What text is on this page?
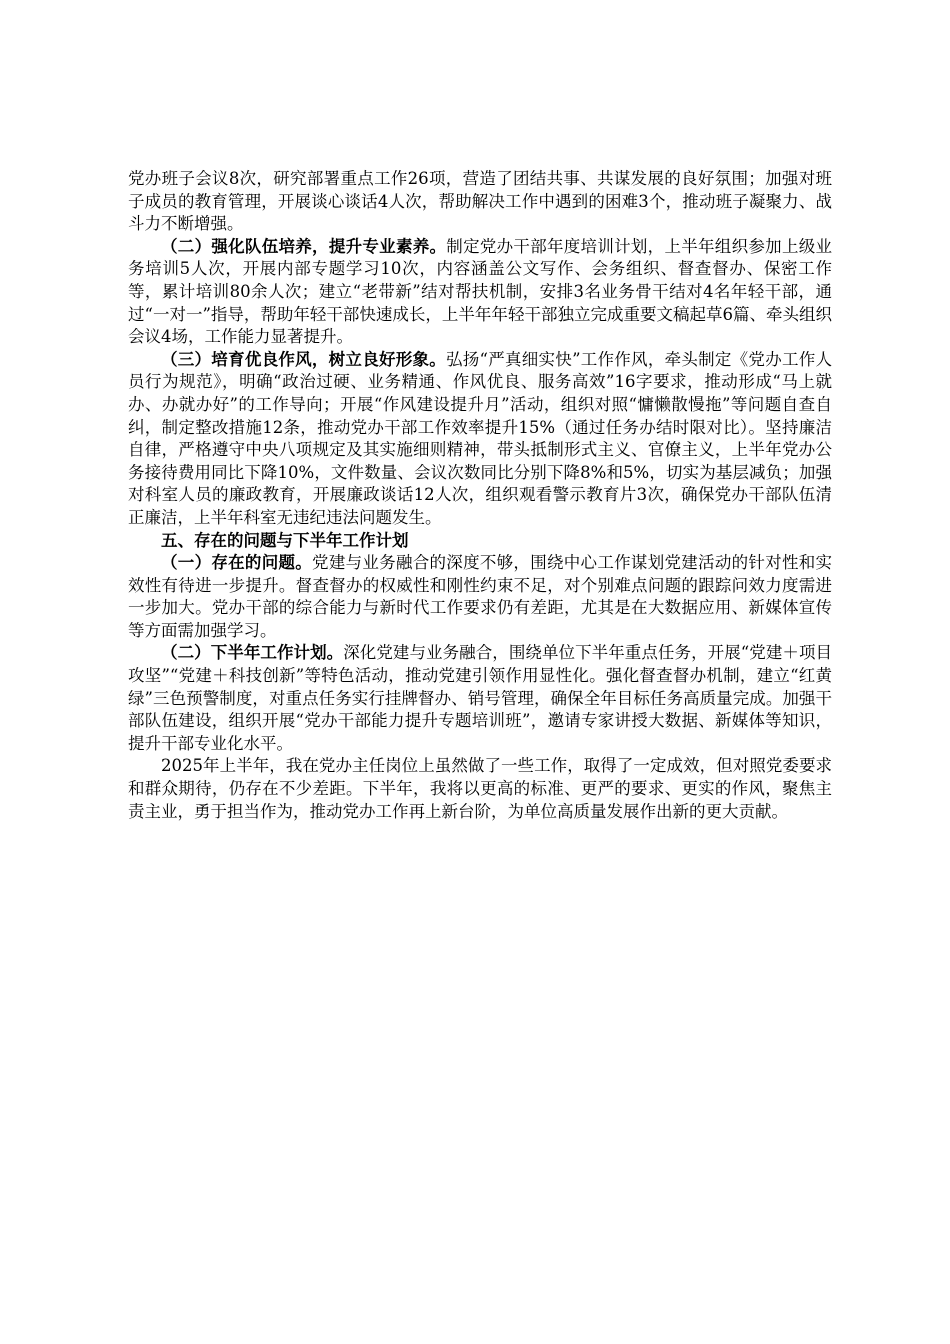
党办班子会议8次，研究部署重点工作26项，营造了团结共事、共谋发展的良好氛围；加强对班子成员的教育管理，开展谈心谈话4人次，帮助解决工作中遇到的困难3个，推动班子凝聚力、战斗力不断增强。

（二）强化队伍培养，提升专业素养。制定党办干部年度培训计划，上半年组织参加上级业务培训5人次，开展内部专题学习10次，内容涵盖公文写作、会务组织、督查督办、保密工作等，累计培训80余人次；建立“老带新”结对帮扶机制，安排3名业务骨干结对4名年轻干部，通过“一对一”指导，帮助年轻干部快速成长，上半年年轻干部独立完成重要文稿起草6篇、牵头组织会议4场，工作能力显著提升。

（三）培育优良作风，树立良好形象。弘扬“严真细实快”工作作风，牵头制定《党办工作人员行为规范》，明确“政治过硬、业务精通、作风优良、服务高效”16字要求，推动形成“马上就办、办就办好”的工作导向；开展“作风建设提升月”活动，组织对照“慵懒散慢拖”等问题自查自纠，制定整改措施12条，推动党办干部工作效率提升15%（通过任务办结时限对比）。坚持廉洁自律，严格遵守中央八项规定及其实施细则精神，带头抵制形式主义、官僚主义，上半年党办公务接待费用同比下降10%，文件数量、会议次数同比分别下降8%和5%，切实为基层减负；加强对科室人员的廉政教育，开展廉政谈话12人次，组织观看警示教育片3次，确保党办干部队伍清正廉洁，上半年科室无违纪违法问题发生。

五、存在的问题与下半年工作计划

（一）存在的问题。党建与业务融合的深度不够，围绕中心工作谋划党建活动的针对性和实效性有待进一步提升。督查督办的权威性和刚性约束不足，对个别难点问题的跟踪问效力度需进一步加大。党办干部的综合能力与新时代工作要求仍有差距，尤其是在大数据应用、新媒体宣传等方面需加强学习。

（二）下半年工作计划。深化党建与业务融合，围绕单位下半年重点任务，开展“党建＋项目攻坚”“党建＋科技创新”等特色活动，推动党建引领作用显性化。强化督查督办机制，建立“红黄绿”三色预警制度，对重点任务实行挂牌督办、销号管理，确保全年目标任务高质量完成。加强干部队伍建设，组织开展“党办干部能力提升专题培训班”，邀请专家讲授大数据、新媒体等知识，提升干部专业化水平。

2025年上半年，我在党办主任岗位上虽然做了一些工作，取得了一定成效，但对照党委要求和群众期待，仍存在不少差距。下半年，我将以更高的标准、更严的要求、更实的作风，聚焦主责主业，勇于担当作为，推动党办工作再上新台阶，为单位高质量发展作出新的更大贡献。
